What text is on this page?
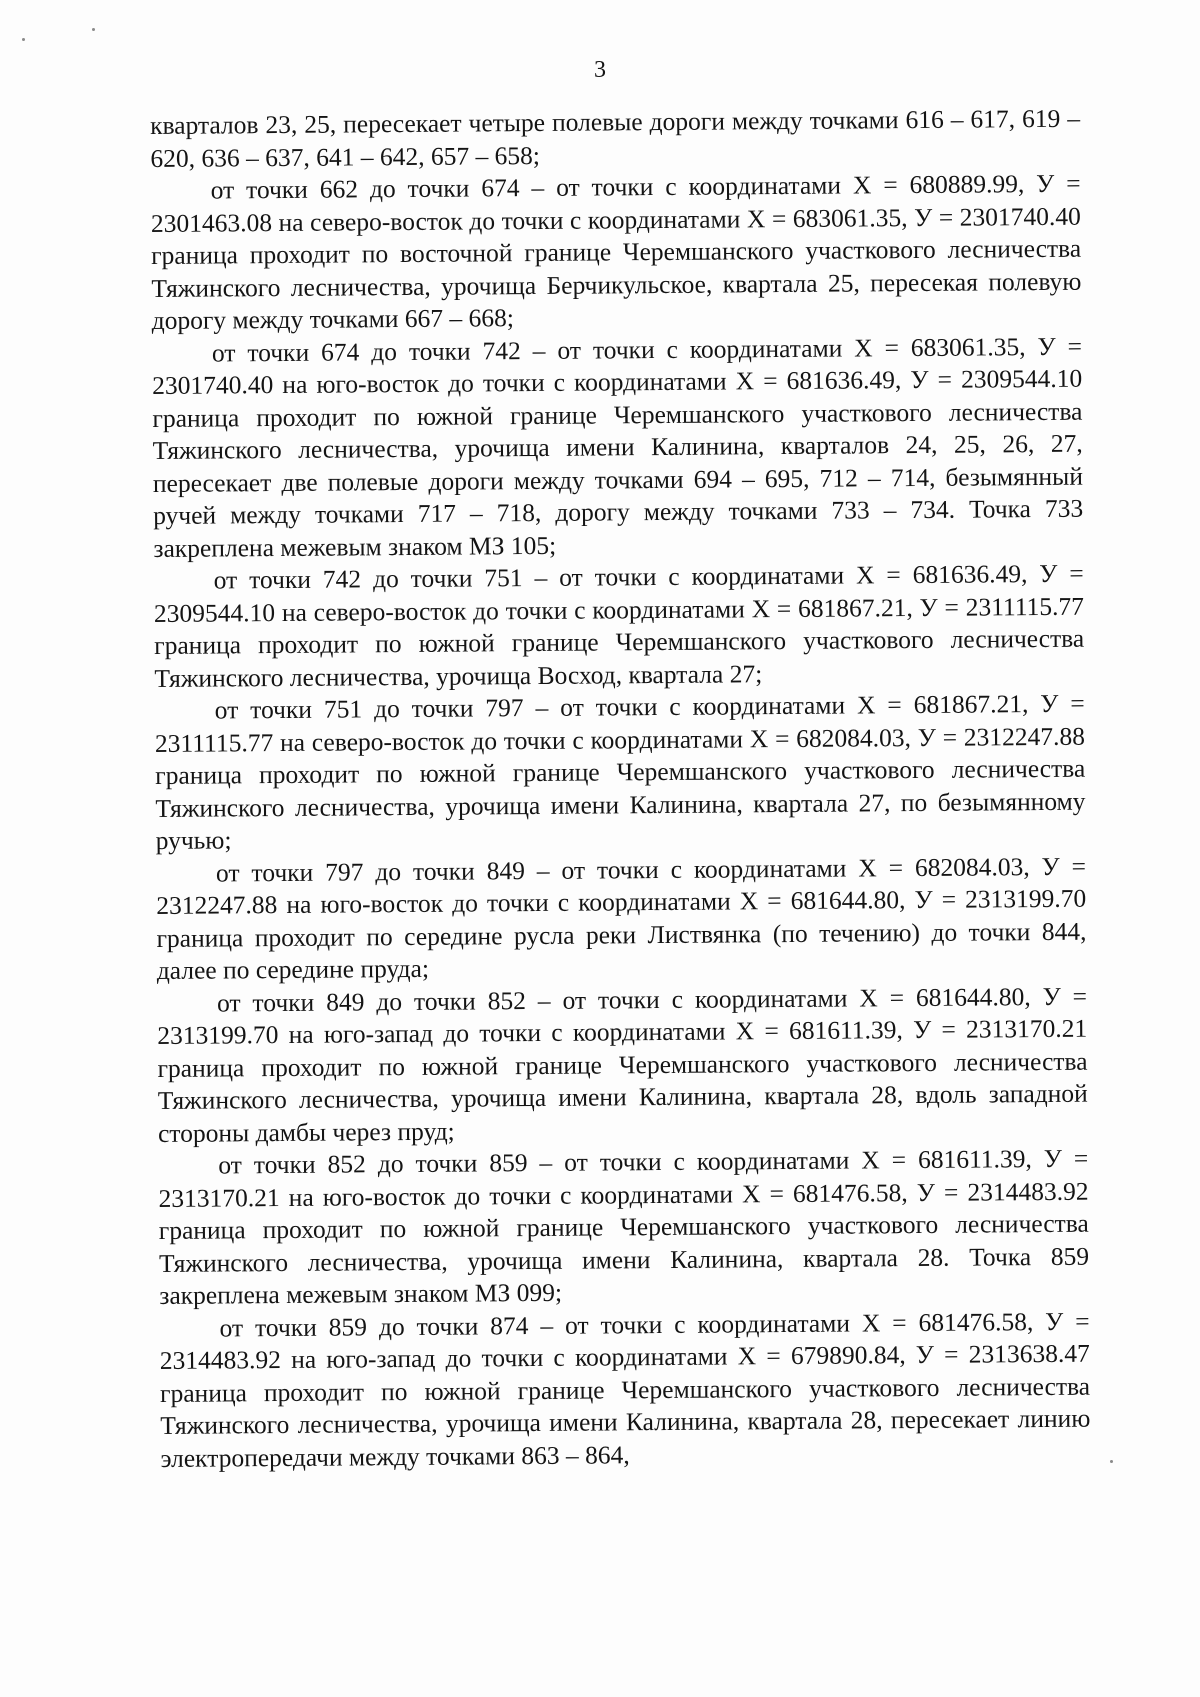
3

кварталов 23, 25, пересекает четыре полевые дороги между точками 616 – 617, 619 – 620, 636 – 637, 641 – 642, 657 – 658;

от точки 662 до точки 674 – от точки с координатами Х = 680889.99, У = 2301463.08 на северо-восток до точки с координатами Х = 683061.35, У = 2301740.40 граница проходит по восточной границе Черемшанского участкового лесничества Тяжинского лесничества, урочища Берчикульское, квартала 25, пересекая полевую дорогу между точками 667 – 668;

от точки 674 до точки 742 – от точки с координатами Х = 683061.35, У = 2301740.40 на юго-восток до точки с координатами Х = 681636.49, У = 2309544.10 граница проходит по южной границе Черемшанского участкового лесничества Тяжинского лесничества, урочища имени Калинина, кварталов 24, 25, 26, 27, пересекает две полевые дороги между точками 694 – 695, 712 – 714, безымянный ручей между точками 717 – 718, дорогу между точками 733 – 734. Точка 733 закреплена межевым знаком МЗ 105;

от точки 742 до точки 751 – от точки с координатами Х = 681636.49, У = 2309544.10 на северо-восток до точки с координатами Х = 681867.21, У = 2311115.77 граница проходит по южной границе Черемшанского участкового лесничества Тяжинского лесничества, урочища Восход, квартала 27;

от точки 751 до точки 797 – от точки с координатами Х = 681867.21, У = 2311115.77 на северо-восток до точки с координатами Х = 682084.03, У = 2312247.88 граница проходит по южной границе Черемшанского участкового лесничества Тяжинского лесничества, урочища имени Калинина, квартала 27, по безымянному ручью;

от точки 797 до точки 849 – от точки с координатами Х = 682084.03, У = 2312247.88 на юго-восток до точки с координатами Х = 681644.80, У = 2313199.70 граница проходит по середине русла реки Листвянка (по течению) до точки 844, далее по середине пруда;

от точки 849 до точки 852 – от точки с координатами Х = 681644.80, У = 2313199.70 на юго-запад до точки с координатами Х = 681611.39, У = 2313170.21 граница проходит по южной границе Черемшанского участкового лесничества Тяжинского лесничества, урочища имени Калинина, квартала 28, вдоль западной стороны дамбы через пруд;

от точки 852 до точки 859 – от точки с координатами Х = 681611.39, У = 2313170.21 на юго-восток до точки с координатами Х = 681476.58, У = 2314483.92 граница проходит по южной границе Черемшанского участкового лесничества Тяжинского лесничества, урочища имени Калинина, квартала 28. Точка 859 закреплена межевым знаком МЗ 099;

от точки 859 до точки 874 – от точки с координатами Х = 681476.58, У = 2314483.92 на юго-запад до точки с координатами Х = 679890.84, У = 2313638.47 граница проходит по южной границе Черемшанского участкового лесничества Тяжинского лесничества, урочища имени Калинина, квартала 28, пересекает линию электропередачи между точками 863 – 864,
